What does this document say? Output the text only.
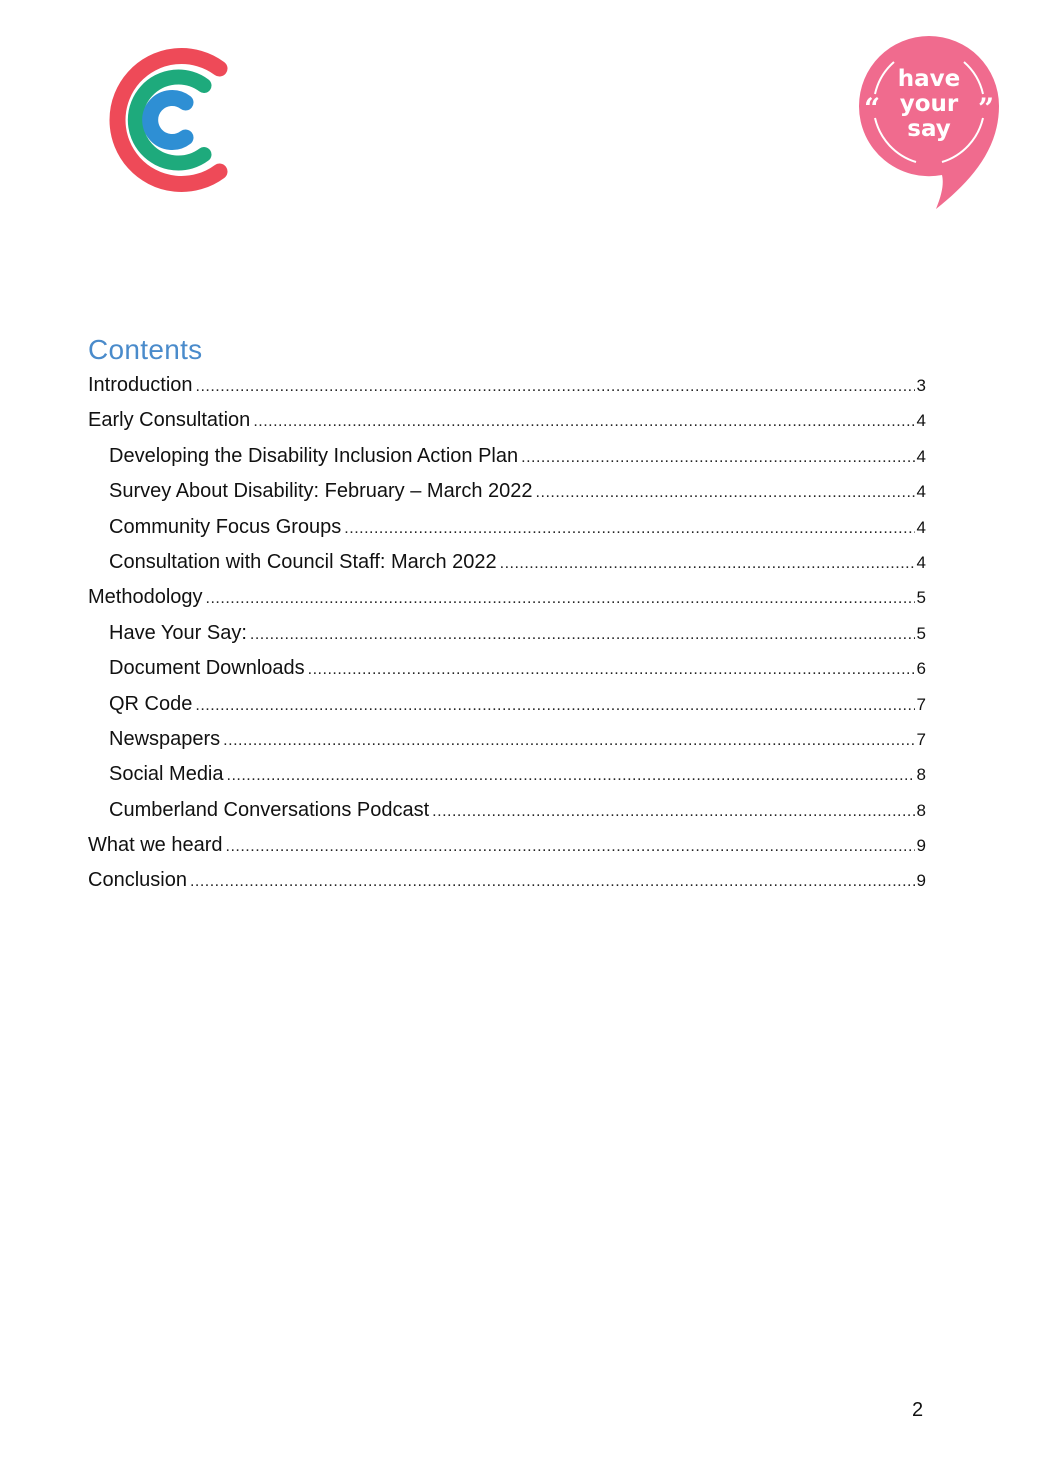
have
your
say
“	”
Contents
Introduction .....	3
Early Consultation .....	4
Developing the Disability Inclusion Action Plan .....	4
Survey About Disability: February – March 2022 .....	4
Community Focus Groups .....	4
Consultation with Council Staff: March 2022 .....	4
Methodology .....	5
Have Your Say: .....	5
Document Downloads .....	6
QR Code .....	7
Newspapers .....	7
Social Media .....	8
Cumberland Conversations Podcast .....	8
What we heard .....	9
Conclusion .....	9
2
